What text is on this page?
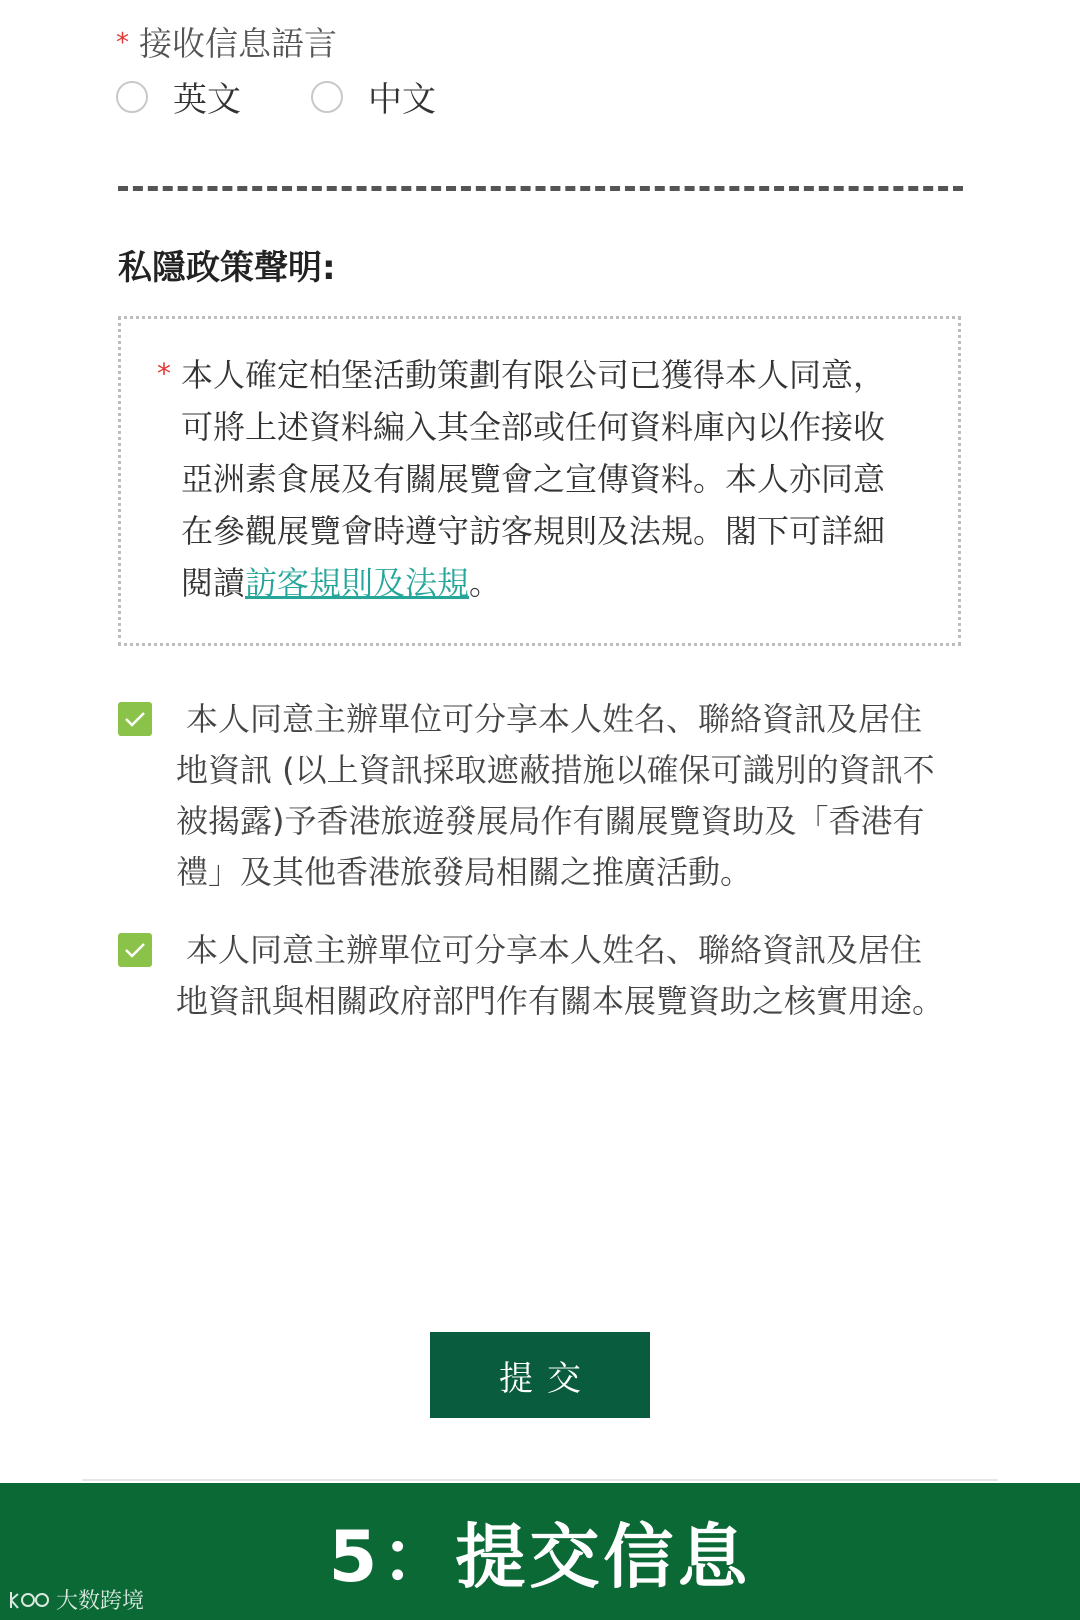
* 接收信息語言
英文	中文
私隱政策聲明:
* 本人確定柏堡活動策劃有限公司已獲得本人同意，可將上述資料編入其全部或任何資料庫內以作接收亞洲素食展及有關展覽會之宣傳資料。本人亦同意在參觀展覽會時遵守訪客規則及法規。閣下可詳細閱讀訪客規則及法規。
本人同意主辦單位可分享本人姓名、聯絡資訊及居住地資訊 (以上資訊採取遮蔽措施以確保可識別的資訊不被揭露)予香港旅遊發展局作有關展覽資助及「香港有禮」及其他香港旅發局相關之推廣活動。
本人同意主辦單位可分享本人姓名、聯絡資訊及居住地資訊與相關政府部門作有關本展覽資助之核實用途。
提交
5：提交信息
大数跨境
